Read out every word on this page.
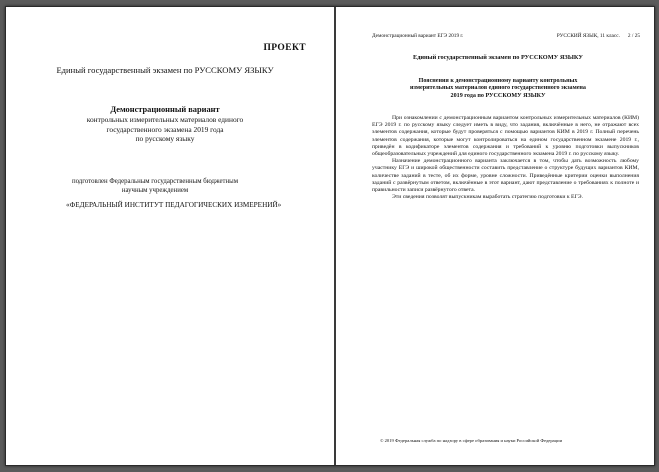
ПРОЕКТ
Единый государственный экзамен по РУССКОМУ ЯЗЫКУ
Демонстрационный вариант
контрольных измерительных материалов единого
государственного экзамена 2019 года
по русскому языку
подготовлен Федеральным государственным бюджетным
научным учреждением
«ФЕДЕРАЛЬНЫЙ ИНСТИТУТ ПЕДАГОГИЧЕСКИХ ИЗМЕРЕНИЙ»
Демонстрационный вариант ЕГЭ 2019 г.	РУССКИЙ ЯЗЫК, 11 класс. 2 / 25
Единый государственный экзамен по РУССКОМУ ЯЗЫКУ
Пояснения к демонстрационному варианту контрольных
измерительных материалов единого государственного экзамена
2019 года по РУССКОМУ ЯЗЫКУ

При ознакомлении с демонстрационным вариантом контрольных измерительных материалов (КИМ) ЕГЭ 2019 г. по русскому языку следует иметь в виду, что задания, включённые в него, не отражают всех элементов содержания, которые будут проверяться с помощью вариантов КИМ в 2019 г. Полный перечень элементов содержания, которые могут контролироваться на едином государственном экзамене 2019 г., приведён в кодификаторе элементов содержания и требований к уровню подготовки выпускников общеобразовательных учреждений для единого государственного экзамена 2019 г. по русскому языку.

Назначение демонстрационного варианта заключается в том, чтобы дать возможность любому участнику ЕГЭ и широкой общественности составить представление о структуре будущих вариантов КИМ, количестве заданий в тесте, об их форме, уровне сложности. Приведённые критерии оценки выполнения заданий с развёрнутым ответом, включённые в этот вариант, дают представление о требованиях к полноте и правильности записи развёрнутого ответа.

Эти сведения позволят выпускникам выработать стратегию подготовки к ЕГЭ.

© 2019 Федеральная служба по надзору в сфере образования и науки Российской Федерации
